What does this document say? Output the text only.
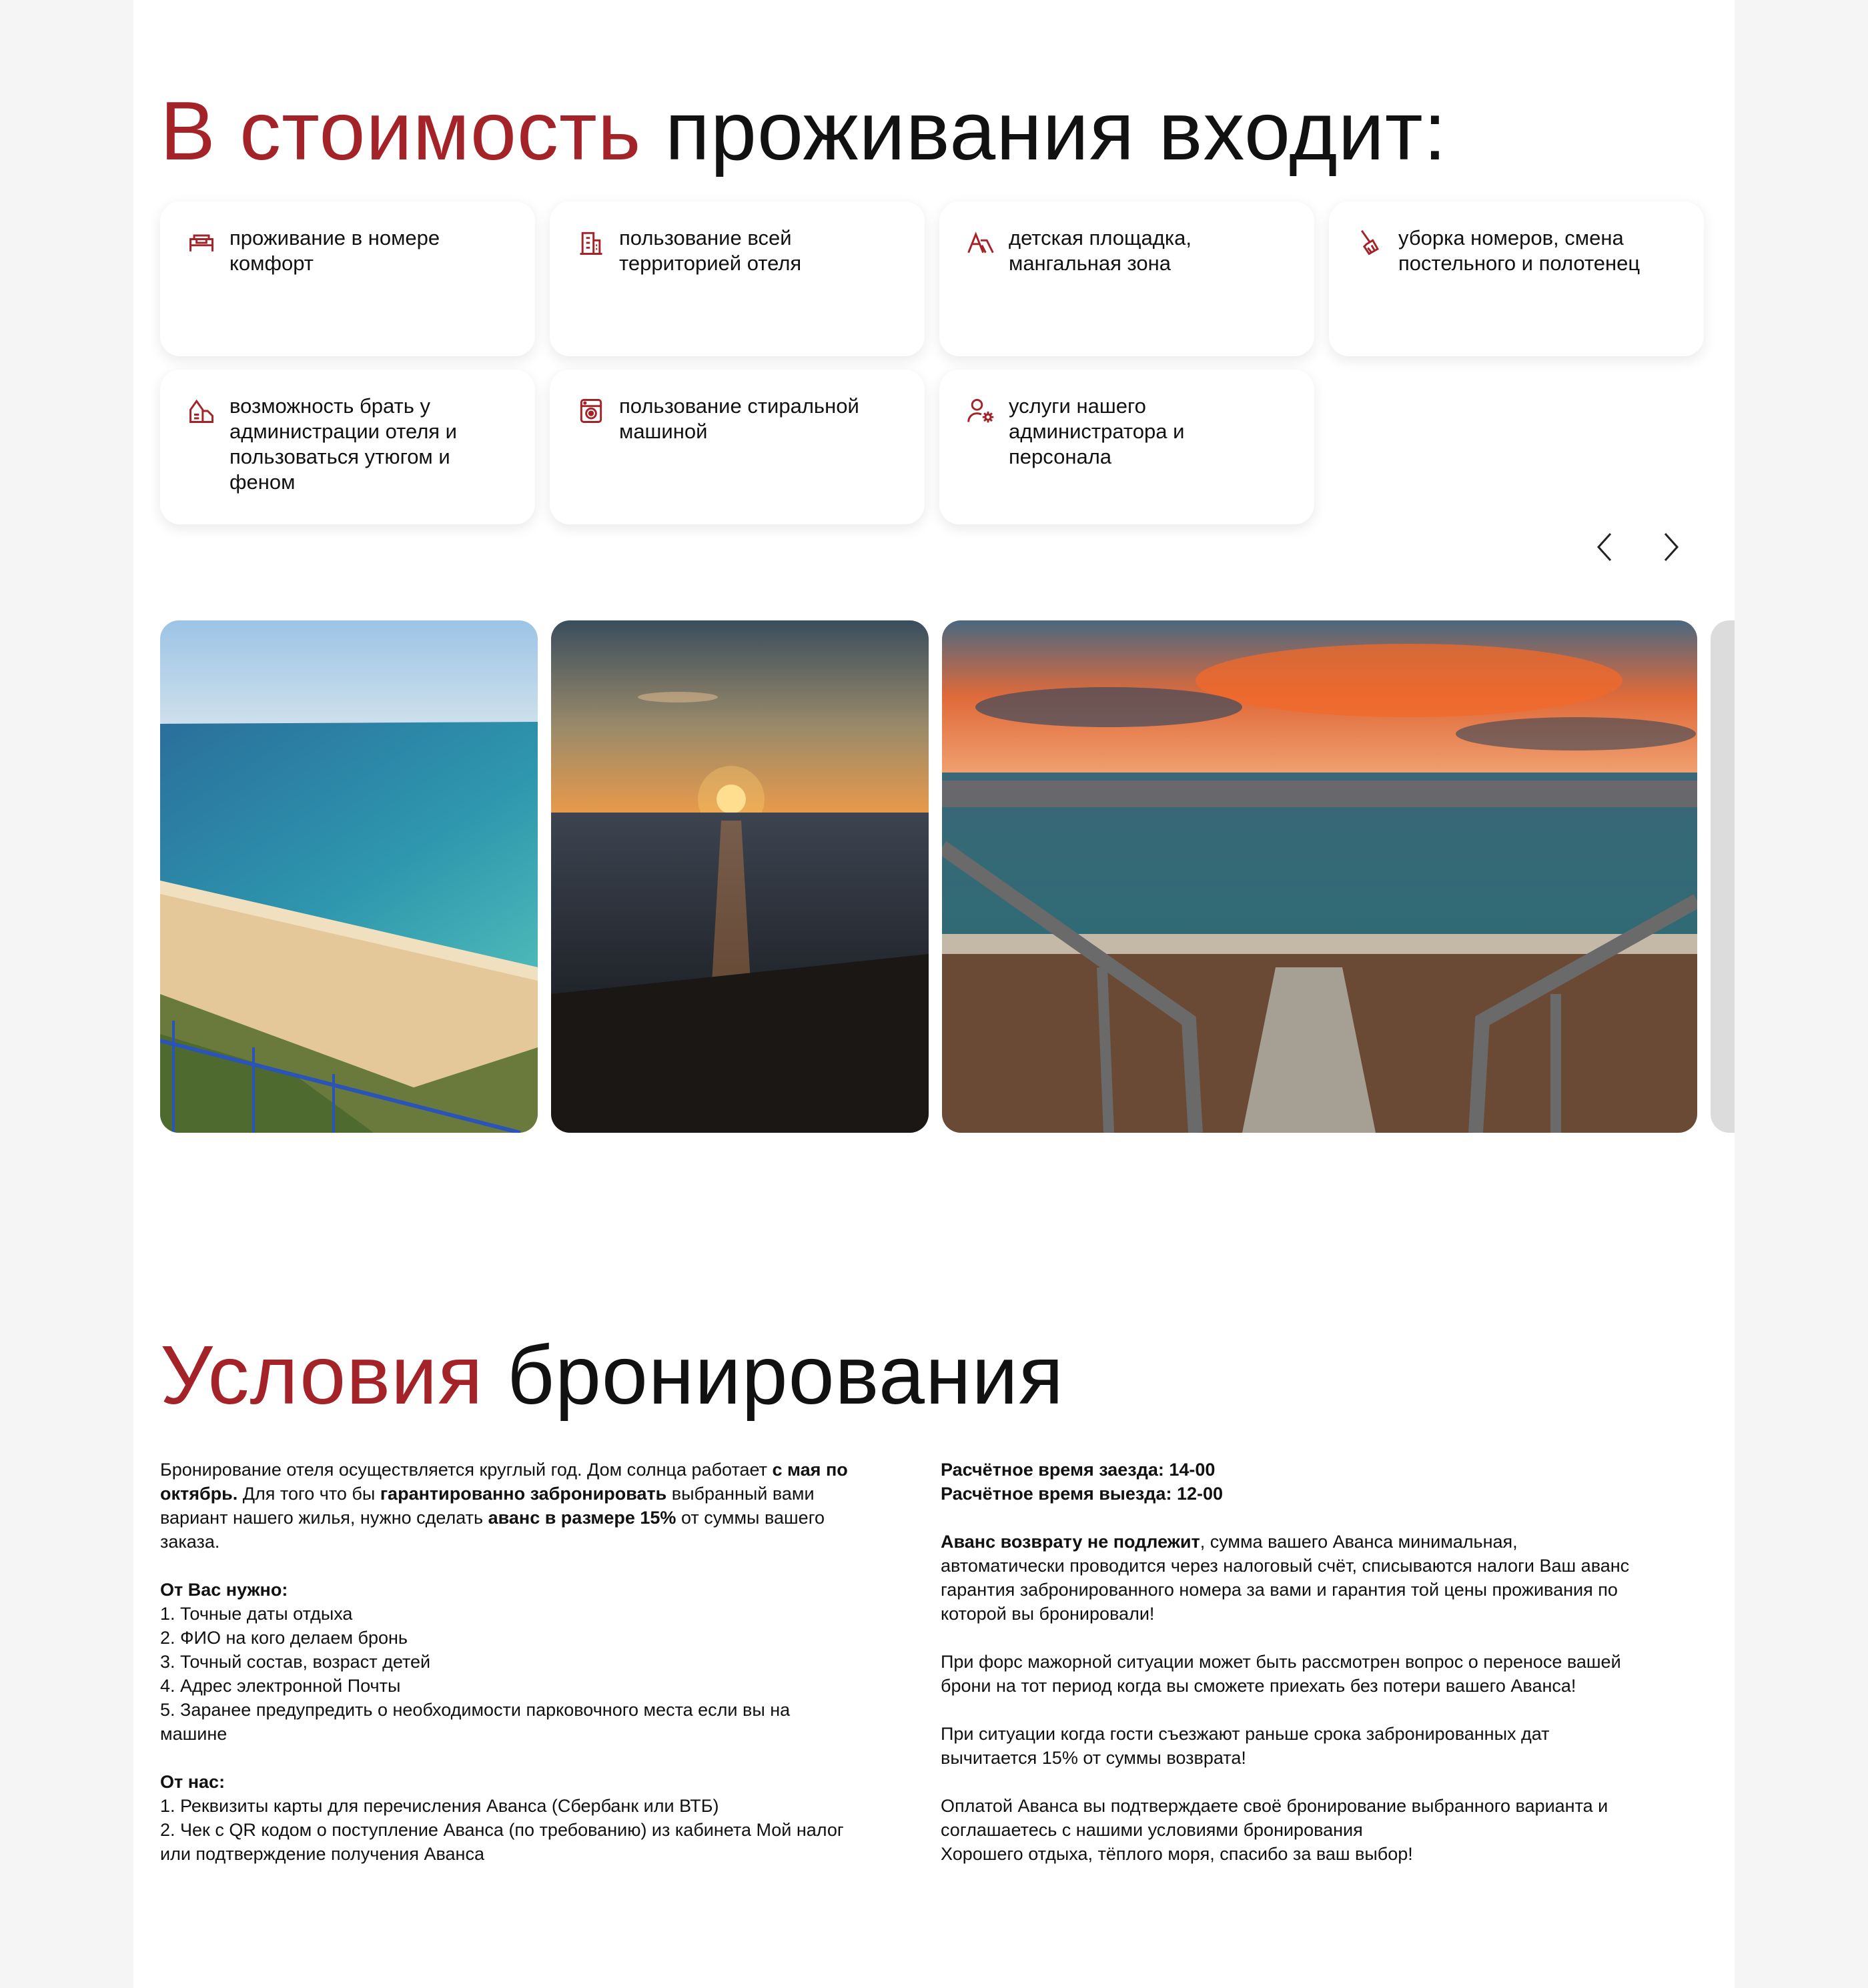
В стоимость проживания входит:
проживание в номере комфорт
пользование всей территорией отеля
детская площадка, мангальная зона
уборка номеров, смена постельного и полотенец
возможность брать у администрации отеля и пользоваться утюгом и феном
пользование стиральной машиной
услуги нашего администратора и персонала
Условия бронирования

Бронирование отеля осуществляется круглый год. Дом солнца работает с мая по октябрь. Для того что бы гарантированно забронировать выбранный вами вариант нашего жилья, нужно сделать аванс в размере 15% от суммы вашего заказа.

От Вас нужно:

1. Точные даты отдыха

2. ФИО на кого делаем бронь

3. Точный состав, возраст детей

4. Адрес электронной Почты

5. Заранее предупредить о необходимости парковочного места если вы на машине

От нас:

1. Реквизиты карты для перечисления Аванса (Сбербанк или ВТБ)

2. Чек с QR кодом о поступление Аванса (по требованию) из кабинета Мой налог или подтверждение получения Аванса

Расчётное время заезда: 14-00

Расчётное время выезда: 12-00

Аванс возврату не подлежит, сумма вашего Аванса минимальная, автоматически проводится через налоговый счёт, списываются налоги Ваш аванс гарантия забронированного номера за вами и гарантия той цены проживания по которой вы бронировали!

При форс мажорной ситуации может быть рассмотрен вопрос о переносе вашей брони на тот период когда вы сможете приехать без потери вашего Аванса!

При ситуации когда гости съезжают раньше срока забронированных дат вычитается 15% от суммы возврата!

Оплатой Аванса вы подтверждаете своё бронирование выбранного варианта и соглашаетесь с нашими условиями бронирования

Хорошего отдыха, тёплого моря, спасибо за ваш выбор!
